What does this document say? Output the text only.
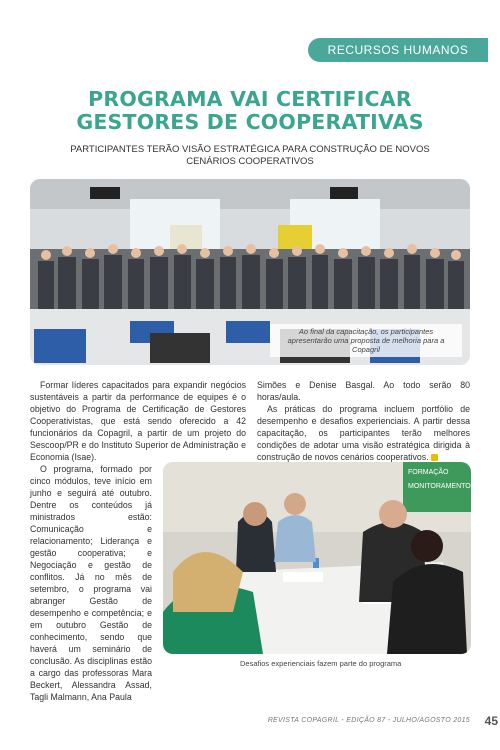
RECURSOS HUMANOS
PROGRAMA VAI CERTIFICAR GESTORES DE COOPERATIVAS
PARTICIPANTES TERÃO VISÃO ESTRATÉGICA PARA CONSTRUÇÃO DE NOVOS CENÁRIOS COOPERATIVOS
Ao final da capacitação, os participantes apresentarão uma proposta de melhoria para a Copagril

Formar líderes capacitados para expandir negócios sustentáveis a partir da performance de equipes é o objetivo do Programa de Certificação de Gestores Cooperativistas, que está sendo oferecido a 42 funcionários da Copagril, a partir de um projeto do Sescoop/PR e do Instituto Superior de Administração e Economia (Isae).

O programa, formado por cinco módulos, teve início em junho e seguirá até outubro. Dentre os conteúdos já ministrados estão: Comunicação e relacionamento; Liderança e gestão cooperativa; e Negociação e gestão de conflitos. Já no mês de setembro, o programa vai abranger Gestão de desempenho e competência; e em outubro Gestão de conhecimento, sendo que haverá um seminário de conclusão. As disciplinas estão a cargo das professoras Mara Beckert, Alessandra Assad, Tagli Malmann, Ana Paula

Simões e Denise Basgal. Ao todo serão 80 horas/aula.

As práticas do programa incluem portfólio de desempenho e desafios experienciais. A partir dessa capacitação, os participantes terão melhores condições de adotar uma visão estratégica dirigida à construção de novos cenários cooperativos.

FORMAÇÃO
MONITORAMENTO
Desafios experienciais fazem parte do programa
REVISTA COPAGRIL - EDIÇÃO 87 - JULHO/AGOSTO 2015 45
